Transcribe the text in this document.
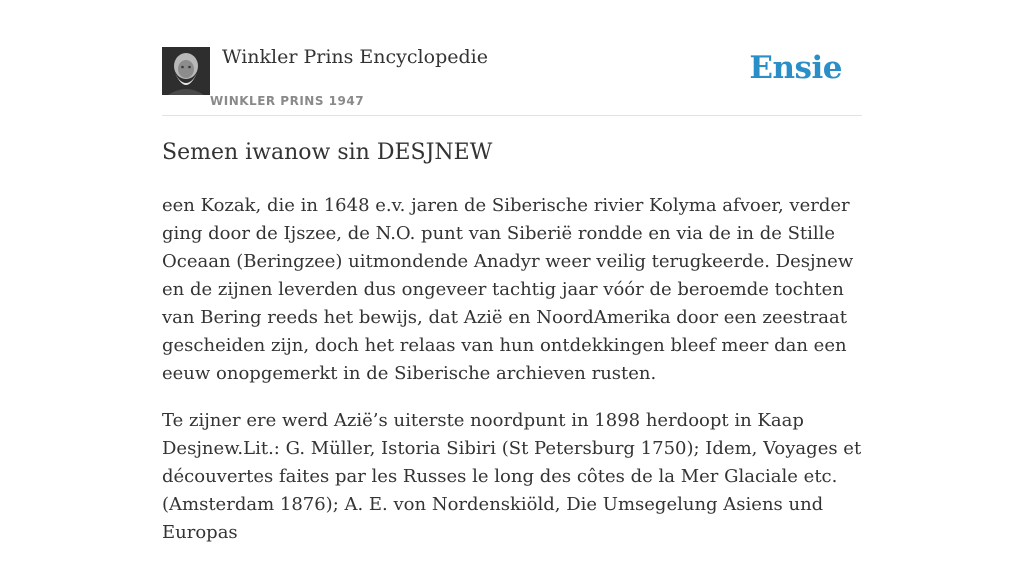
Winkler Prins Encyclopedie
WINKLER PRINS 1947
Ensie
Semen iwanow sin DESJNEW

een Kozak, die in 1648 e.v. jaren de Siberische rivier Kolyma afvoer, verder ging door de Ijszee, de N.O. punt van Siberië rondde en via de in de Stille Oceaan (Beringzee) uitmondende Anadyr weer veilig terugkeerde. Desjnew en de zijnen leverden dus ongeveer tachtig jaar vóór de beroemde tochten van Bering reeds het bewijs, dat Azië en NoordAmerika door een zeestraat gescheiden zijn, doch het relaas van hun ontdekkingen bleef meer dan een eeuw onopgemerkt in de Siberische archieven rusten.

Te zijner ere werd Azië’s uiterste noordpunt in 1898 herdoopt in Kaap Desjnew.Lit.: G. Müller, Istoria Sibiri (St Petersburg 1750); Idem, Voyages et découvertes faites par les Russes le long des côtes de la Mer Glaciale etc. (Amsterdam 1876); A. E. von Nordenskiöld, Die Umsegelung Asiens und Europas
